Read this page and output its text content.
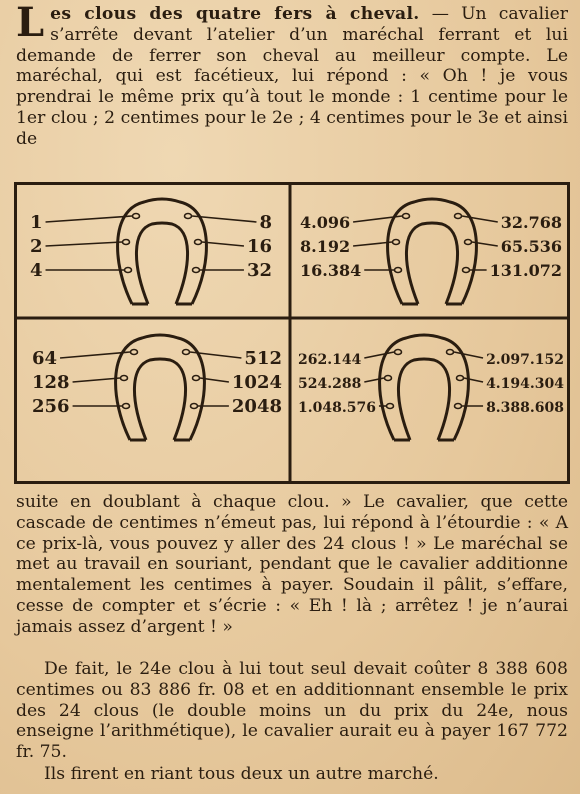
Les clous des quatre fers à cheval. — Un cavalier s’arrête devant l’atelier d’un maréchal ferrant et lui demande de ferrer son cheval au meilleur compte. Le maréchal, qui est facétieux, lui répond : « Oh ! je vous prendrai le même prix qu’à tout le monde : 1 centime pour le 1er clou ; 2 centimes pour le 2e ; 4 centimes pour le 3e et ainsi de
1	8
2	16
4	32
4.096	32.768
8.192	65.536
16.384	131.072
64	512
128	1024
256	2048
262.144	2.097.152
524.288	4.194.304
1.048.576	8.388.608
suite en doublant à chaque clou. » Le cavalier, que cette cascade de centimes n’émeut pas, lui répond à l’étourdie : « A ce prix-là, vous pouvez y aller des 24 clous ! » Le maréchal se met au travail en souriant, pendant que le cavalier additionne mentalement les centimes à payer. Soudain il pâlit, s’effare, cesse de compter et s’écrie : « Eh ! là ; arrêtez ! je n’aurai jamais assez d’argent ! »
De fait, le 24e clou à lui tout seul devait coûter 8 388 608 centimes ou 83 886 fr. 08 et en additionnant ensemble le prix des 24 clous (le double moins un du prix du 24e, nous enseigne l’arithmétique), le cavalier aurait eu à payer 167 772 fr. 75.
Ils firent en riant tous deux un autre marché.
